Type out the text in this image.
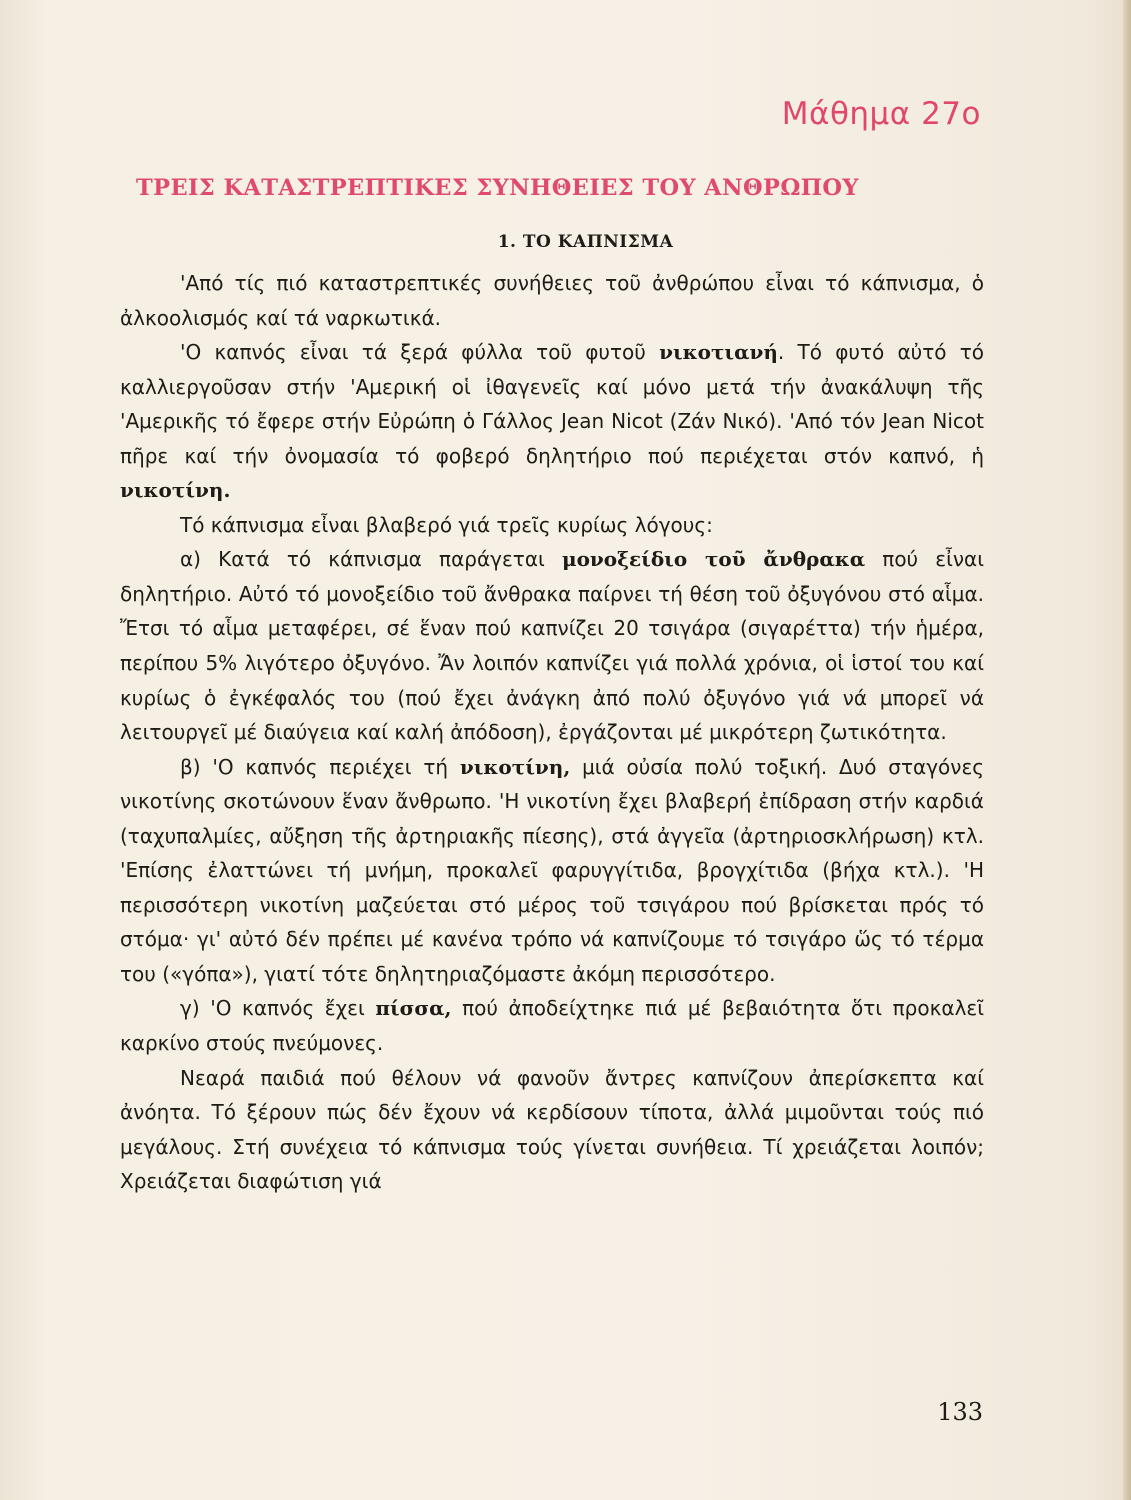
Μάθημα 27ο
ΤΡΕΙΣ ΚΑΤΑΣΤΡΕΠΤΙΚΕΣ ΣΥΝΗΘΕΙΕΣ ΤΟΥ ΑΝΘΡΩΠΟΥ
1. ΤΟ ΚΑΠΝΙΣΜΑ

'Από τίς πιό καταστρεπτικές συνήθειες τοῦ ἀνθρώπου εἶναι τό κάπνισμα, ὁ ἀλκοολισμός καί τά ναρκωτικά.

'Ο καπνός εἶναι τά ξερά φύλλα τοῦ φυτοῦ νικοτιανή. Τό φυτό αὐτό τό καλλιεργοῦσαν στήν 'Αμερική οἱ ἰθαγενεῖς καί μόνο μετά τήν ἀνακάλυψη τῆς 'Αμερικῆς τό ἔφερε στήν Εὐρώπη ὁ Γάλλος Jean Nicot (Ζάν Νικό). 'Από τόν Jean Nicot πῆρε καί τήν ὀνομασία τό φοβερό δηλητήριο πού περιέχεται στόν καπνό, ἡ νικοτίνη.

Τό κάπνισμα εἶναι βλαβερό γιά τρεῖς κυρίως λόγους:

α) Κατά τό κάπνισμα παράγεται μονοξείδιο τοῦ ἄνθρακα πού εἶναι δηλητήριο. Αὐτό τό μονοξείδιο τοῦ ἄνθρακα παίρνει τή θέση τοῦ ὀξυγόνου στό αἷμα. Ἔτσι τό αἷμα μεταφέρει, σέ ἕναν πού καπνίζει 20 τσιγάρα (σιγαρέττα) τήν ἡμέρα, περίπου 5% λιγότερο ὀξυγόνο. Ἄν λοιπόν καπνίζει γιά πολλά χρόνια, οἱ ἱστοί του καί κυρίως ὁ ἐγκέφαλός του (πού ἔχει ἀνάγκη ἀπό πολύ ὀξυγόνο γιά νά μπορεῖ νά λειτουργεῖ μέ διαύγεια καί καλή ἀπόδοση), ἐργάζονται μέ μικρότερη ζωτικότητα.

β) 'Ο καπνός περιέχει τή νικοτίνη, μιά οὐσία πολύ τοξική. Δυό σταγόνες νικοτίνης σκοτώνουν ἕναν ἄνθρωπο. 'Η νικοτίνη ἔχει βλαβερή ἐπίδραση στήν καρδιά (ταχυπαλμίες, αὔξηση τῆς ἀρτηριακῆς πίεσης), στά ἀγγεῖα (ἀρτηριοσκλήρωση) κτλ. 'Επίσης ἐλαττώνει τή μνήμη, προκαλεῖ φαρυγγίτιδα, βρογχίτιδα (βήχα κτλ.). 'Η περισσότερη νικοτίνη μαζεύεται στό μέρος τοῦ τσιγάρου πού βρίσκεται πρός τό στόμα· γι' αὐτό δέν πρέπει μέ κανένα τρόπο νά καπνίζουμε τό τσιγάρο ὥς τό τέρμα του («γόπα»), γιατί τότε δηλητηριαζόμαστε ἀκόμη περισσότερο.

γ) 'Ο καπνός ἔχει πίσσα, πού ἀποδείχτηκε πιά μέ βεβαιότητα ὅτι προκαλεῖ καρκίνο στούς πνεύμονες.

Νεαρά παιδιά πού θέλουν νά φανοῦν ἄντρες καπνίζουν ἀπερίσκεπτα καί ἀνόητα. Τό ξέρουν πώς δέν ἔχουν νά κερδίσουν τίποτα, ἀλλά μιμοῦνται τούς πιό μεγάλους. Στή συνέχεια τό κάπνισμα τούς γίνεται συνήθεια. Τί χρειάζεται λοιπόν; Χρειάζεται διαφώτιση γιά

133
